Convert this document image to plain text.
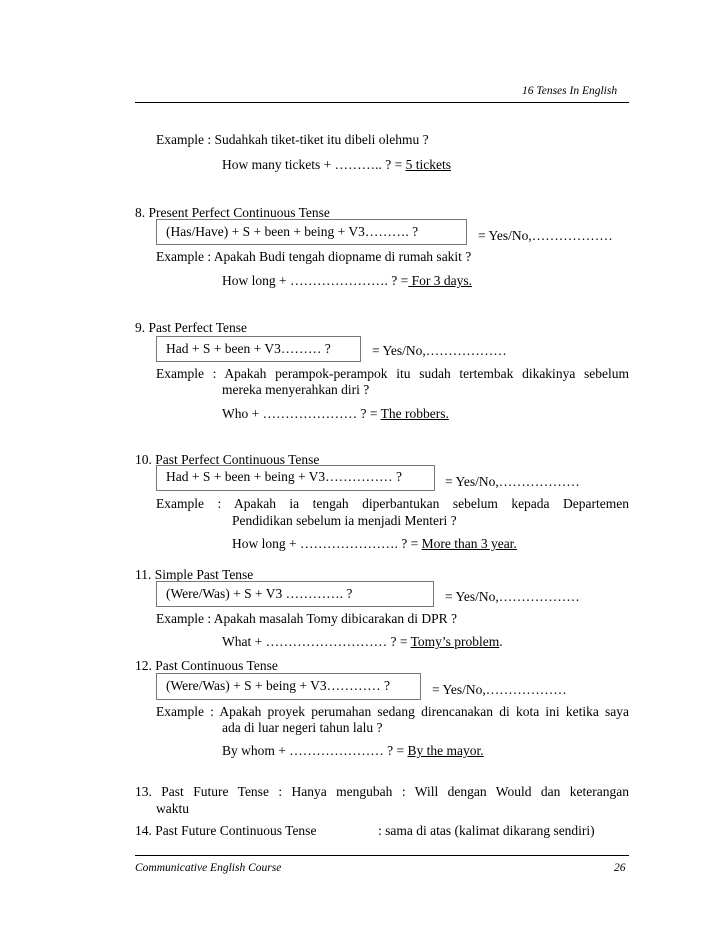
16 Tenses In English
Example : Sudahkah tiket-tiket itu dibeli olehmu ?
How many tickets + ……….. ? = 5 tickets
8. Present Perfect Continuous Tense
(Has/Have) + S + been + being + V3………. ?	= Yes/No,………………
Example : Apakah Budi tengah diopname di rumah sakit ?
How long + …………………. ? = For 3 days.
9. Past Perfect Tense
Had + S + been + V3……… ?	= Yes/No,………………
Example : Apakah perampok-perampok itu sudah tertembak dikakinya sebelum
mereka menyerahkan diri ?
Who + ………………… ? = The robbers.
10. Past Perfect Continuous Tense
Had + S + been + being + V3…………… ?	= Yes/No,………………
Example : Apakah ia tengah diperbantukan sebelum kepada Departemen
Pendidikan sebelum ia menjadi Menteri ?
How long + …………………. ? = More than 3 year.
11. Simple Past Tense
(Were/Was) + S + V3 …………. ?	= Yes/No,………………
Example : Apakah masalah Tomy dibicarakan di DPR ?
What + ……………………… ? = Tomy’s problem.
12. Past Continuous Tense
(Were/Was) + S + being + V3………… ?	= Yes/No,………………
Example : Apakah proyek perumahan sedang direncanakan di kota ini ketika saya
ada di luar negeri tahun lalu ?
By whom + ………………… ? = By the mayor.
13. Past Future Tense : Hanya mengubah : Will dengan Would dan keterangan
waktu
14. Past Future Continuous Tense	: sama di atas (kalimat dikarang sendiri)
Communicative English Course	26
